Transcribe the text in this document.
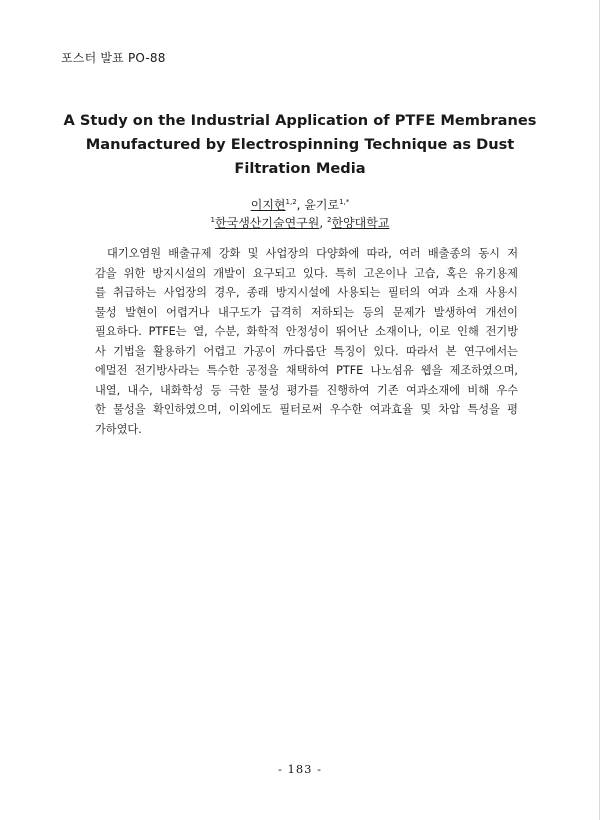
포스터 발표 PO-88
A Study on the Industrial Application of PTFE Membranes
Manufactured by Electrospinning Technique as Dust
Filtration Media
이지현$^{1,2}$, 윤기로$^{1,*}$
$^1$한국생산기술연구원, $^2$한양대학교
대기오염원 배출규제 강화 및 사업장의 다양화에 따라, 여러 배출종의 동시 저
감을 위한 방지시설의 개발이 요구되고 있다. 특히 고온이나 고습, 혹은 유기용제
를 취급하는 사업장의 경우, 종래 방지시설에 사용되는 필터의 여과 소재 사용시
물성 발현이 어렵거나 내구도가 급격히 저하되는 등의 문제가 발생하여 개선이
필요하다. PTFE는 열, 수분, 화학적 안정성이 뛰어난 소재이나, 이로 인해 전기방
사 기법을 활용하기 어렵고 가공이 까다롭단 특징이 있다. 따라서 본 연구에서는
에멀전 전기방사라는 특수한 공정을 채택하여 PTFE 나노섬유 웹을 제조하였으며,
내열, 내수, 내화학성 등 극한 물성 평가를 진행하여 기존 여과소재에 비해 우수
한 물성을 확인하였으며, 이외에도 필터로써 우수한 여과효율 및 차압 특성을 평
가하였다.
- 183 -
